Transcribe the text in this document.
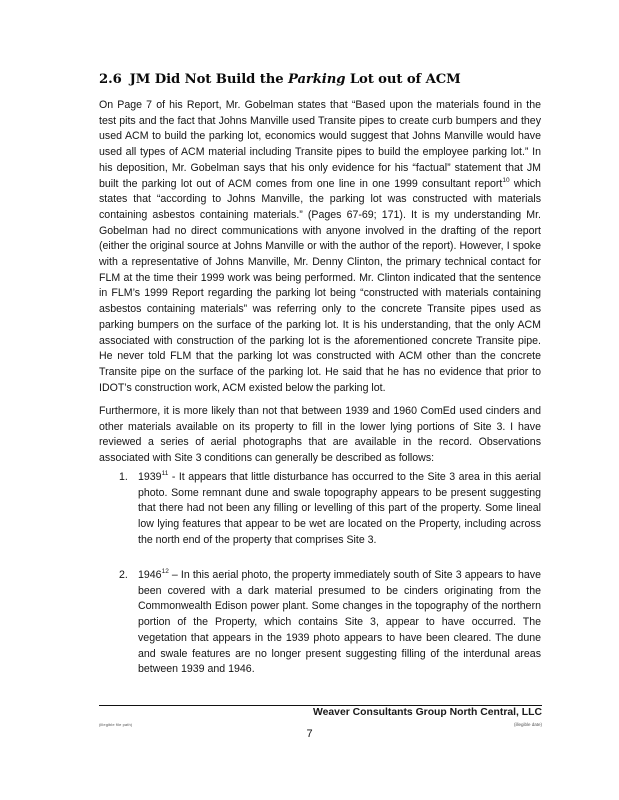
2.6 JM Did Not Build the Parking Lot out of ACM
On Page 7 of his Report, Mr. Gobelman states that “Based upon the materials found in the test pits and the fact that Johns Manville used Transite pipes to create curb bumpers and they used ACM to build the parking lot, economics would suggest that Johns Manville would have used all types of ACM material including Transite pipes to build the employee parking lot.” In his deposition, Mr. Gobelman says that his only evidence for his “factual” statement that JM built the parking lot out of ACM comes from one line in one 1999 consultant report$^{10}$ which states that “according to Johns Manville, the parking lot was constructed with materials containing asbestos containing materials.” (Pages 67-69; 171). It is my understanding Mr. Gobelman had no direct communications with anyone involved in the drafting of the report (either the original source at Johns Manville or with the author of the report). However, I spoke with a representative of Johns Manville, Mr. Denny Clinton, the primary technical contact for FLM at the time their 1999 work was being performed. Mr. Clinton indicated that the sentence in FLM’s 1999 Report regarding the parking lot being “constructed with materials containing asbestos containing materials” was referring only to the concrete Transite pipes used as parking bumpers on the surface of the parking lot. It is his understanding, that the only ACM associated with construction of the parking lot is the aforementioned concrete Transite pipe. He never told FLM that the parking lot was constructed with ACM other than the concrete Transite pipe on the surface of the parking lot. He said that he has no evidence that prior to IDOT’s construction work, ACM existed below the parking lot.
Furthermore, it is more likely than not that between 1939 and 1960 ComEd used cinders and other materials available on its property to fill in the lower lying portions of Site 3. I have reviewed a series of aerial photographs that are available in the record. Observations associated with Site 3 conditions can generally be described as follows:
1. 1939$^{11}$ - It appears that little disturbance has occurred to the Site 3 area in this aerial photo. Some remnant dune and swale topography appears to be present suggesting that there had not been any filling or levelling of this part of the property. Some lineal low lying features that appear to be wet are located on the Property, including across the north end of the property that comprises Site 3.
2. 1946$^{12}$ – In this aerial photo, the property immediately south of Site 3 appears to have been covered with a dark material presumed to be cinders originating from the Commonwealth Edison power plant. Some changes in the topography of the northern portion of the Property, which contains Site 3, appear to have occurred. The vegetation that appears in the 1939 photo appears to have been cleared. The dune and swale features are no longer present suggesting filling of the interdunal areas between 1939 and 1946.
Weaver Consultants Group North Central, LLC
(illegible file path)	(illegible date)
7
